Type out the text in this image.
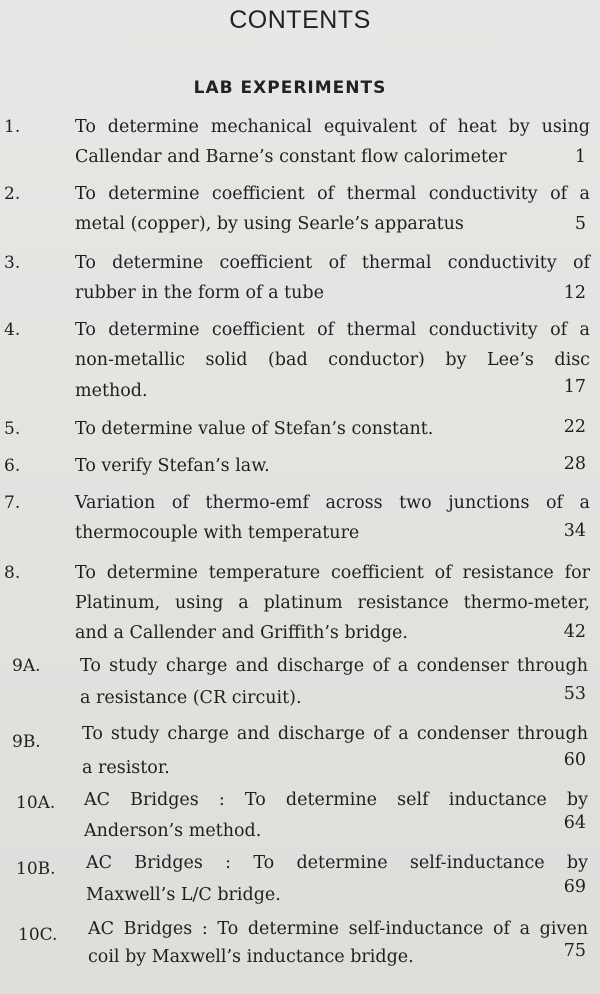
CONTENTS
LAB EXPERIMENTS
1.	To determine mechanical equivalent of heat by using
Callendar and Barne’s constant flow calorimeter	1
2.	To determine coefficient of thermal conductivity of a
metal (copper), by using Searle’s apparatus	5
3.	To determine coefficient of thermal conductivity of
rubber in the form of a tube	12
4.	To determine coefficient of thermal conductivity of a
non-metallic solid (bad conductor) by Lee’s disc
method.	17
5.	To determine value of Stefan’s constant.	22
6.	To verify Stefan’s law.	28
7.	Variation of thermo-emf across two junctions of a
thermocouple with temperature	34
8.	To determine temperature coefficient of resistance for
Platinum, using a platinum resistance thermo-meter,
and a Callender and Griffith’s bridge.	42
9A. To study charge and discharge of a condenser through
a resistance (CR circuit).	53
9B. To study charge and discharge of a condenser through
a resistor.	60
10A. AC Bridges : To determine self inductance by
Anderson’s method.	64
10B. AC Bridges : To determine self-inductance by
Maxwell’s L/C bridge.	69
10C. AC Bridges : To determine self-inductance of a given
coil by Maxwell’s inductance bridge.	75
